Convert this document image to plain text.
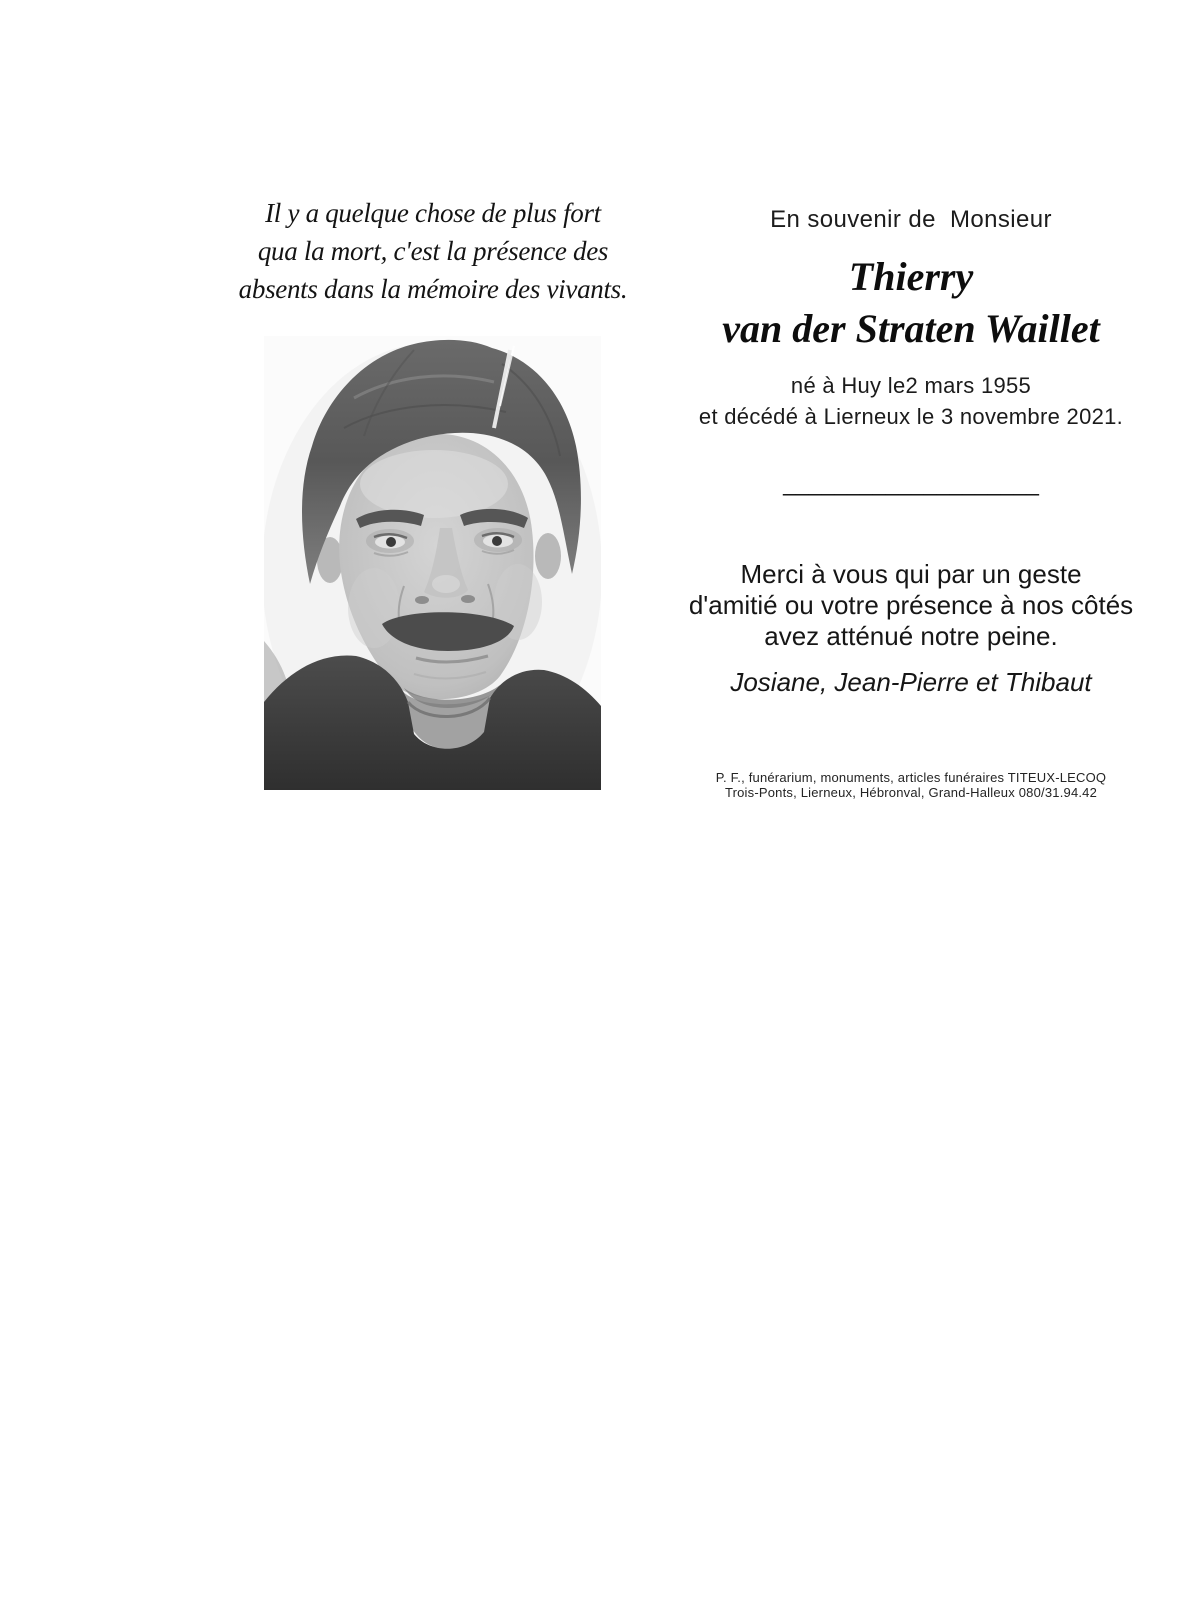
Il y a quelque chose de plus fort
qua la mort, c'est la présence des
absents dans la mémoire des vivants.
En souvenir de  Monsieur
Thierry
van der Straten Waillet
né à Huy le2 mars 1955
et décédé à Lierneux le 3 novembre 2021.
____________________
Merci à vous qui par un geste
d'amitié ou votre présence à nos côtés
avez atténué notre peine.
Josiane, Jean-Pierre et Thibaut
P. F., funérarium, monuments, articles funéraires TITEUX-LECOQ
Trois-Ponts, Lierneux, Hébronval, Grand-Halleux 080/31.94.42
